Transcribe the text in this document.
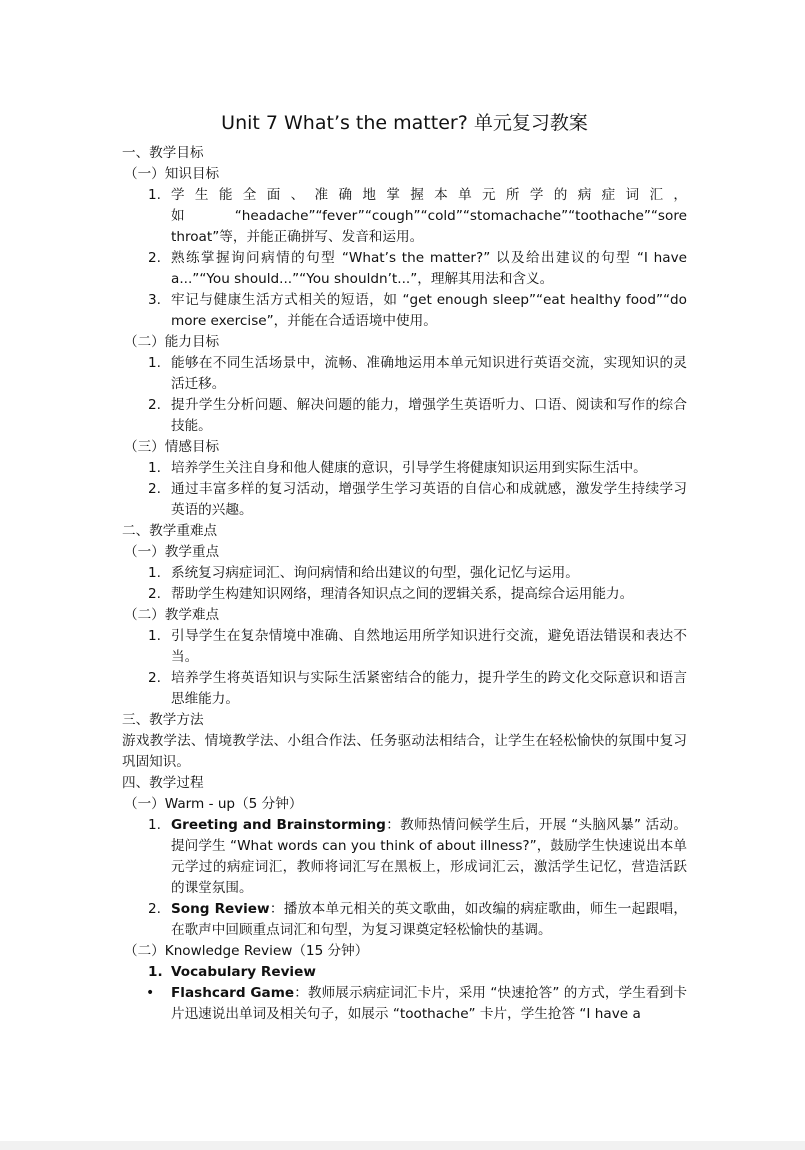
Unit 7 What’s the matter? 单元复习教案

一、教学目标

（一）知识目标

1. 学生能全面、准确地掌握本单元所学的病症词汇，如“headache”“fever”“cough”“cold”“stomachache”“toothache”“sore throat”等，并能正确拼写、发音和运用。
2. 熟练掌握询问病情的句型 “What’s the matter?” 以及给出建议的句型 “I have a...”“You should...”“You shouldn’t...”，理解其用法和含义。
3. 牢记与健康生活方式相关的短语，如 “get enough sleep”“eat healthy food”“do more exercise”，并能在合适语境中使用。

（二）能力目标

1. 能够在不同生活场景中，流畅、准确地运用本单元知识进行英语交流，实现知识的灵活迁移。
2. 提升学生分析问题、解决问题的能力，增强学生英语听力、口语、阅读和写作的综合技能。

（三）情感目标

1. 培养学生关注自身和他人健康的意识，引导学生将健康知识运用到实际生活中。
2. 通过丰富多样的复习活动，增强学生学习英语的自信心和成就感，激发学生持续学习英语的兴趣。

二、教学重难点

（一）教学重点

1. 系统复习病症词汇、询问病情和给出建议的句型，强化记忆与运用。
2. 帮助学生构建知识网络，理清各知识点之间的逻辑关系，提高综合运用能力。

（二）教学难点

1. 引导学生在复杂情境中准确、自然地运用所学知识进行交流，避免语法错误和表达不当。
2. 培养学生将英语知识与实际生活紧密结合的能力，提升学生的跨文化交际意识和语言思维能力。

三、教学方法

游戏教学法、情境教学法、小组合作法、任务驱动法相结合，让学生在轻松愉快的氛围中复习巩固知识。

四、教学过程

（一）Warm - up（5 分钟）

1. Greeting and Brainstorming：教师热情问候学生后，开展 “头脑风暴” 活动。提问学生 “What words can you think of about illness?”，鼓励学生快速说出本单元学过的病症词汇，教师将词汇写在黑板上，形成词汇云，激活学生记忆，营造活跃的课堂氛围。
2. Song Review：播放本单元相关的英文歌曲，如改编的病症歌曲，师生一起跟唱，在歌声中回顾重点词汇和句型，为复习课奠定轻松愉快的基调。

（二）Knowledge Review（15 分钟）

1. Vocabulary Review
• Flashcard Game：教师展示病症词汇卡片，采用 “快速抢答” 的方式，学生看到卡片迅速说出单词及相关句子，如展示 “toothache” 卡片，学生抢答 “I have a
